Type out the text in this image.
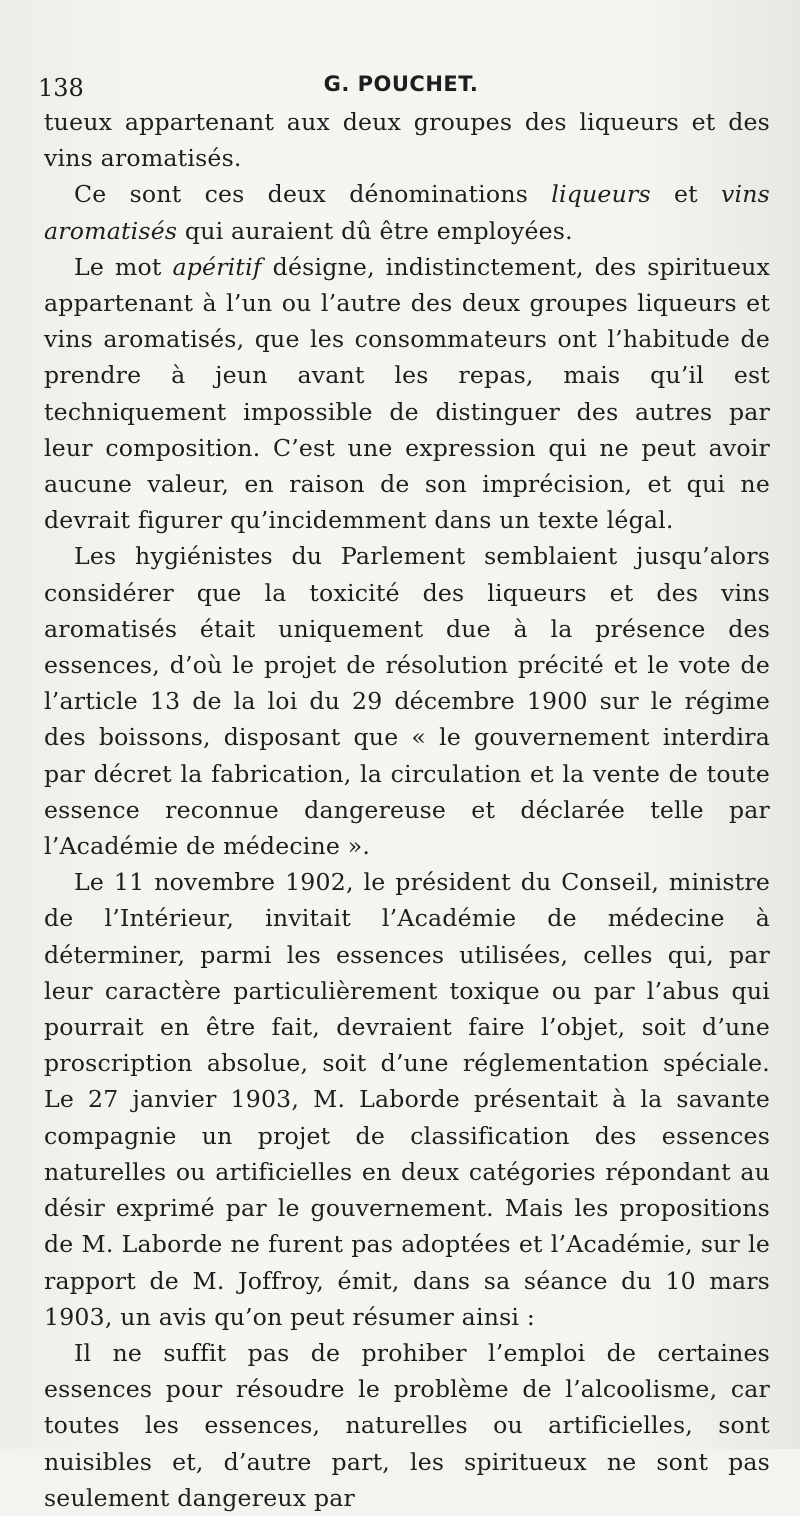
138	G. POUCHET.

tueux appartenant aux deux groupes des liqueurs et des vins aromatisés.

Ce sont ces deux dénominations liqueurs et vins aromatisés qui auraient dû être employées.

Le mot apéritif désigne, indistinctement, des spiritueux appartenant à l’un ou l’autre des deux groupes liqueurs et vins aromatisés, que les consommateurs ont l’habitude de prendre à jeun avant les repas, mais qu’il est techniquement impossible de distinguer des autres par leur composition. C’est une expression qui ne peut avoir aucune valeur, en raison de son imprécision, et qui ne devrait figurer qu’incidemment dans un texte légal.

Les hygiénistes du Parlement semblaient jusqu’alors considérer que la toxicité des liqueurs et des vins aromatisés était uniquement due à la présence des essences, d’où le projet de résolution précité et le vote de l’article 13 de la loi du 29 décembre 1900 sur le régime des boissons, disposant que « le gouvernement interdira par décret la fabrication, la circulation et la vente de toute essence reconnue dangereuse et déclarée telle par l’Académie de médecine ».

Le 11 novembre 1902, le président du Conseil, ministre de l’Intérieur, invitait l’Académie de médecine à déterminer, parmi les essences utilisées, celles qui, par leur caractère particulièrement toxique ou par l’abus qui pourrait en être fait, devraient faire l’objet, soit d’une proscription absolue, soit d’une réglementation spéciale. Le 27 janvier 1903, M. Laborde présentait à la savante compagnie un projet de classification des essences naturelles ou artificielles en deux catégories répondant au désir exprimé par le gouvernement. Mais les propositions de M. Laborde ne furent pas adoptées et l’Académie, sur le rapport de M. Joffroy, émit, dans sa séance du 10 mars 1903, un avis qu’on peut résumer ainsi :

Il ne suffit pas de prohiber l’emploi de certaines essences pour résoudre le problème de l’alcoolisme, car toutes les essences, naturelles ou artificielles, sont nuisibles et, d’autre part, les spiritueux ne sont pas seulement dangereux par
